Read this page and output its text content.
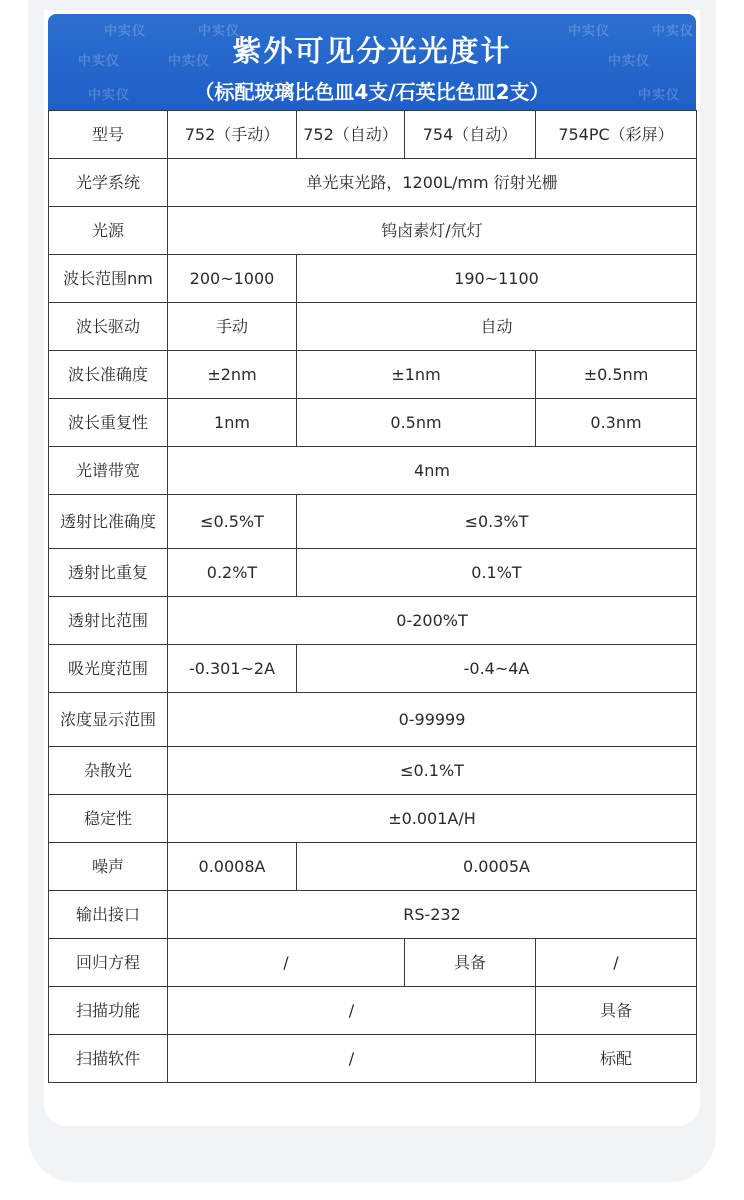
中实仪	中实仪	中实仪	中实仪
中实仪	中实仪	中实仪
中实仪	中实仪
紫外可见分光光度计
（标配玻璃比色皿4支/石英比色皿2支）
型号	752（手动）	752（自动）	754（自动）	754PC（彩屏）
光学系统	单光束光路，1200L/mm 衍射光栅			
光源	钨卤素灯/氘灯			
波长范围nm	200~1000	190~1100		
波长驱动	手动	自动		
波长准确度	±2nm	±1nm		±0.5nm
波长重复性	1nm	0.5nm		0.3nm
光谱带宽	4nm			
透射比准确度	≤0.5%T	≤0.3%T		
透射比重复	0.2%T	0.1%T		
透射比范围	0-200%T			
吸光度范围	-0.301~2A	-0.4~4A		
浓度显示范围	0-99999			
杂散光	≤0.1%T			
稳定性	±0.001A/H			
噪声	0.0008A	0.0005A		
输出接口	RS-232			
回归方程	/		具备	/
扫描功能	/			具备
扫描软件	/			标配
